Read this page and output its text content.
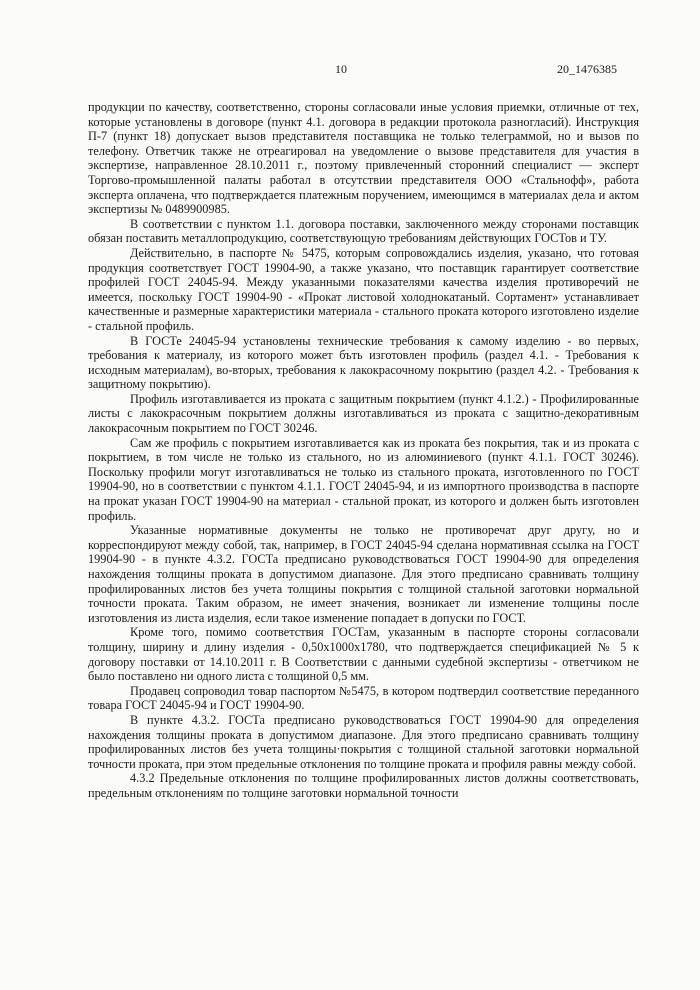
10	20_1476385

продукции по качеству, соответственно, стороны согласовали иные условия приемки, отличные от тех, которые установлены в договоре (пункт 4.1. договора в редакции протокола разногласий). Инструкция П-7 (пункт 18) допускает вызов представителя поставщика не только телеграммой, но и вызов по телефону. Ответчик также не отреагировал на уведомление о вызове представителя для участия в экспертизе, направленное 28.10.2011 г., поэтому привлеченный сторонний специалист — эксперт Торгово-промышленной палаты работал в отсутствии представителя ООО «Стальнофф», работа эксперта оплачена, что подтверждается платежным поручением, имеющимся в материалах дела и актом экспертизы № 0489900985.

В соответствии с пунктом 1.1. договора поставки, заключенного между сторонами поставщик обязан поставить металлопродукцию, соответствующую требованиям действующих ГОСТов и ТУ.

Действительно, в паспорте № 5475, которым сопровождались изделия, указано, что готовая продукция соответствует ГОСТ 19904-90, а также указано, что поставщик гарантирует соответствие профилей ГОСТ 24045-94. Между указанными показателями качества изделия противоречий не имеется, поскольку ГОСТ 19904-90 - «Прокат листовой холоднокатаный. Сортамент» устанавливает качественные и размерные характеристики материала - стального проката которого изготовлено изделие - стальной профиль.

В ГОСТе 24045-94 установлены технические требования к самому изделию - во первых, требования к материалу, из которого может бъть изготовлен профиль (раздел 4.1. - Требования к исходным материалам), во-вторых, требования к лакокрасочному покрытию (раздел 4.2. - Требования к защитному покрытию).

Профиль изготавливается из проката с защитным покрытием (пункт 4.1.2.) - Профилированные листы с лакокрасочным покрытием должны изготавливаться из проката с защитно-декоративным лакокрасочным покрытием по ГОСТ 30246.

Сам же профиль с покрытием изготавливается как из проката без покрытия, так и из проката с покрытием, в том числе не только из стального, но из алюминиевого (пункт 4.1.1. ГОСТ 30246). Поскольку профили могут изготавливаться не только из стального проката, изготовленного по ГОСТ 19904-90, но в соответствии с пунктом 4.1.1. ГОСТ 24045-94, и из импортного производства в паспорте на прокат указан ГОСТ 19904-90 на материал - стальной прокат, из которого и должен быть изготовлен профиль.

Указанные нормативные документы не только не противоречат друг другу, но и корреспондируют между собой, так, например, в ГОСТ 24045-94 сделана нормативная ссылка на ГОСТ 19904-90 - в пункте 4.3.2. ГОСТа предписано руководствоваться ГОСТ 19904-90 для определения нахождения толщины проката в допустимом диапазоне. Для этого предписано сравнивать толщину профилированных листов без учета толщины покрытия с толщиной стальной заготовки нормальной точности проката. Таким образом, не имеет значения, возникает ли изменение толщины после изготовления из листа изделия, если такое изменение попадает в допуски по ГОСТ.

Кроме того, помимо соответствия ГОСТам, указанным в паспорте стороны согласовали толщину, ширину и длину изделия - 0,50x1000x1780, что подтверждается спецификацией № 5 к договору поставки от 14.10.2011 г. В Соответствии с данными судебной экспертизы - ответчиком не было поставлено ни одного листа с толщиной 0,5 мм.

Продавец сопроводил товар паспортом №5475, в котором подтвердил соответствие переданного товара ГОСТ 24045-94 и ГОСТ 19904-90.

В пункте 4.3.2. ГОСТа предписано руководствоваться ГОСТ 19904-90 для определения нахождения толщины проката в допустимом диапазоне. Для этого предписано сравнивать толщину профилированных листов без учета толщины·покрытия с толщиной стальной заготовки нормальной точности проката, при этом предельные отклонения по толщине проката и профиля равны между собой.

4.3.2 Предельные отклонения по толщине профилированных листов должны соответствовать, предельным отклонениям по толщине заготовки нормальной точности
